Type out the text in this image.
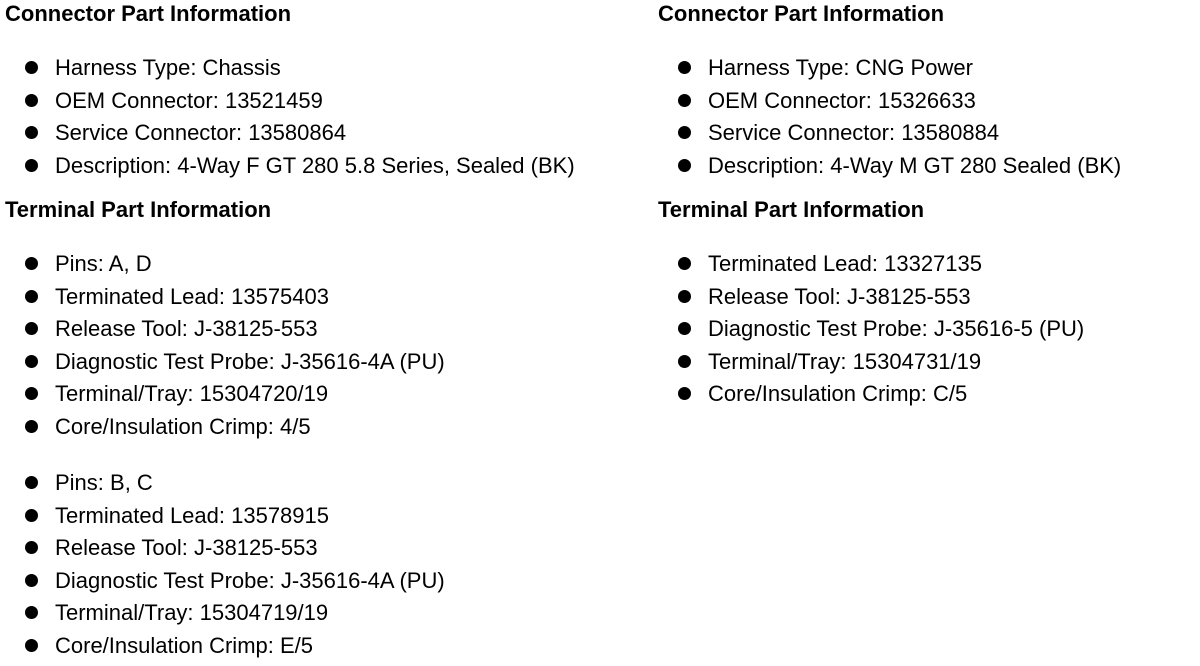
Connector Part Information
Harness Type: Chassis
OEM Connector: 13521459
Service Connector: 13580864
Description: 4-Way F GT 280 5.8 Series, Sealed (BK)
Terminal Part Information
Pins: A, D
Terminated Lead: 13575403
Release Tool: J-38125-553
Diagnostic Test Probe: J-35616-4A (PU)
Terminal/Tray: 15304720/19
Core/Insulation Crimp: 4/5
Pins: B, C
Terminated Lead: 13578915
Release Tool: J-38125-553
Diagnostic Test Probe: J-35616-4A (PU)
Terminal/Tray: 15304719/19
Core/Insulation Crimp: E/5
Connector Part Information
Harness Type: CNG Power
OEM Connector: 15326633
Service Connector: 13580884
Description: 4-Way M GT 280 Sealed (BK)
Terminal Part Information
Terminated Lead: 13327135
Release Tool: J-38125-553
Diagnostic Test Probe: J-35616-5 (PU)
Terminal/Tray: 15304731/19
Core/Insulation Crimp: C/5
